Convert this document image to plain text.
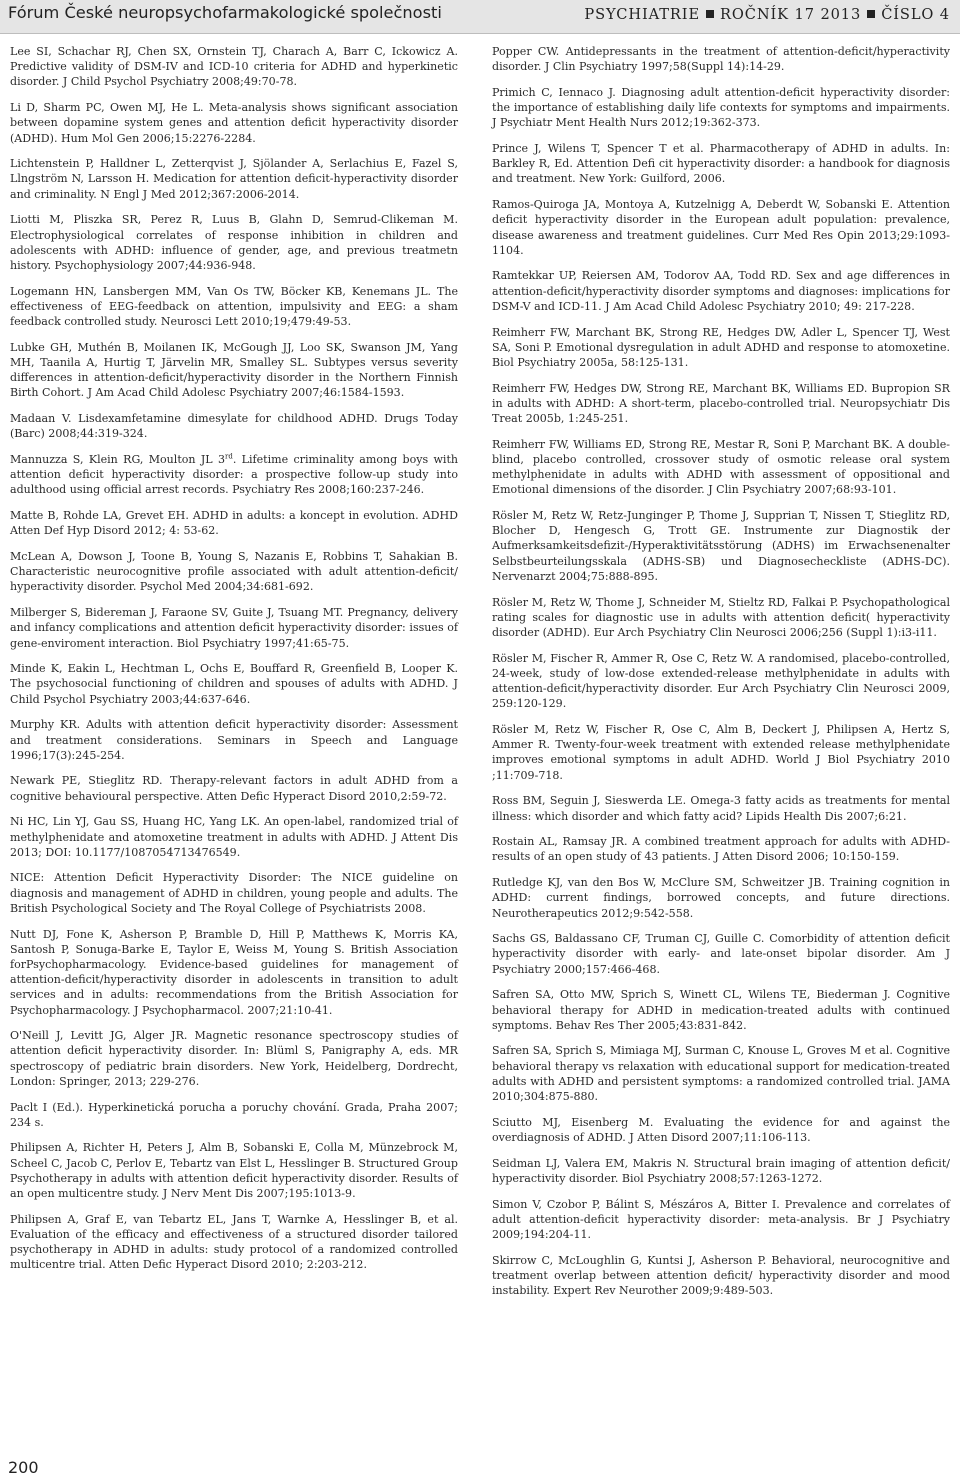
Fórum České neuropsychofarmakologické společnosti	PSYCHIATRIE ROČNÍK 17 2013 ČÍSLO 4

Lee SI, Schachar RJ, Chen SX, Ornstein TJ, Charach A, Barr C, Ickowicz A. Predictive validity of DSM-IV and ICD-10 criteria for ADHD and hyperkinetic disorder. J Child Psychol Psychiatry 2008;49:70-78.

Li D, Sharm PC, Owen MJ, He L. Meta-analysis shows significant association between dopamine system genes and attention deficit hyperactivity disorder (ADHD). Hum Mol Gen 2006;15:2276-2284.

Lichtenstein P, Halldner L, Zetterqvist J, Sjölander A, Serlachius E, Fazel S, Llngström N, Larsson H. Medication for attention deficit-hyperactivity disorder and criminality. N Engl J Med 2012;367:2006-2014.

Liotti M, Pliszka SR, Perez R, Luus B, Glahn D, Semrud-Clikeman M. Electrophysiological correlates of response inhibition in children and adolescents with ADHD: influence of gender, age, and previous treatmetn history. Psychophysiology 2007;44:936-948.

Logemann HN, Lansbergen MM, Van Os TW, Böcker KB, Kenemans JL. The effectiveness of EEG-feedback on attention, impulsivity and EEG: a sham feedback controlled study. Neurosci Lett 2010;19;479:49-53.

Lubke GH, Muthén B, Moilanen IK, McGough JJ, Loo SK, Swanson JM, Yang MH, Taanila A, Hurtig T, Järvelin MR, Smalley SL. Subtypes versus severity differences in attention-deficit/hyperactivity disorder in the Northern Finnish Birth Cohort. J Am Acad Child Adolesc Psychiatry 2007;46:1584-1593.

Madaan V. Lisdexamfetamine dimesylate for childhood ADHD. Drugs Today (Barc) 2008;44:319-324.

Mannuzza S, Klein RG, Moulton JL 3rd. Lifetime criminality among boys with attention deficit hyperactivity disorder: a prospective follow-up study into adulthood using official arrest records. Psychiatry Res 2008;160:237-246.

Matte B, Rohde LA, Grevet EH. ADHD in adults: a koncept in evolution. ADHD Atten Def Hyp Disord 2012; 4: 53-62.

McLean A, Dowson J, Toone B, Young S, Nazanis E, Robbins T, Sahakian B. Characteristic neurocognitive profile associated with adult attention-deficit/ hyperactivity disorder. Psychol Med 2004;34:681-692.

Milberger S, Bidereman J, Faraone SV, Guite J, Tsuang MT. Pregnancy, delivery and infancy complications and attention deficit hyperactivity disorder: issues of gene-enviroment interaction. Biol Psychiatry 1997;41:65-75.

Minde K, Eakin L, Hechtman L, Ochs E, Bouffard R, Greenfield B, Looper K. The psychosocial functioning of children and spouses of adults with ADHD. J Child Psychol Psychiatry 2003;44:637-646.

Murphy KR. Adults with attention deficit hyperactivity disorder: Assessment and treatment considerations. Seminars in Speech and Language 1996;17(3):245-254.

Newark PE, Stieglitz RD. Therapy-relevant factors in adult ADHD from a cognitive behavioural perspective. Atten Defic Hyperact Disord 2010,2:59-72.

Ni HC, Lin YJ, Gau SS, Huang HC, Yang LK. An open-label, randomized trial of methylphenidate and atomoxetine treatment in adults with ADHD. J Attent Dis 2013; DOI: 10.1177/1087054713476549.

NICE: Attention Deficit Hyperactivity Disorder: The NICE guideline on diagnosis and management of ADHD in children, young people and adults. The British Psychological Society and The Royal College of Psychiatrists 2008.

Nutt DJ, Fone K, Asherson P, Bramble D, Hill P, Matthews K, Morris KA, Santosh P, Sonuga-Barke E, Taylor E, Weiss M, Young S. British Association forPsychopharmacology. Evidence-based guidelines for management of attention-deficit/hyperactivity disorder in adolescents in transition to adult services and in adults: recommendations from the British Association for Psychopharmacology. J Psychopharmacol. 2007;21:10-41.

O'Neill J, Levitt JG, Alger JR. Magnetic resonance spectroscopy studies of attention deficit hyperactivity disorder. In: Blüml S, Panigraphy A, eds. MR spectroscopy of pediatric brain disorders. New York, Heidelberg, Dordrecht, London: Springer, 2013; 229-276.

Paclt I (Ed.). Hyperkinetická porucha a poruchy chování. Grada, Praha 2007; 234 s.

Philipsen A, Richter H, Peters J, Alm B, Sobanski E, Colla M, Münzebrock M, Scheel C, Jacob C, Perlov E, Tebartz van Elst L, Hesslinger B. Structured Group Psychotherapy in adults with attention deficit hyperactivity disorder. Results of an open multicentre study. J Nerv Ment Dis 2007;195:1013-9.

Philipsen A, Graf E, van Tebartz EL, Jans T, Warnke A, Hesslinger B, et al. Evaluation of the efficacy and effectiveness of a structured disorder tailored psychotherapy in ADHD in adults: study protocol of a randomized controlled multicentre trial. Atten Defic Hyperact Disord 2010; 2:203-212.

Popper CW. Antidepressants in the treatment of attention-deficit/hyperactivity disorder. J Clin Psychiatry 1997;58(Suppl 14):14-29.

Primich C, Iennaco J. Diagnosing adult attention-deficit hyperactivity disorder: the importance of establishing daily life contexts for symptoms and impairments. J Psychiatr Ment Health Nurs 2012;19:362-373.

Prince J, Wilens T, Spencer T et al. Pharmacotherapy of ADHD in adults. In: Barkley R, Ed. Attention Defi cit hyperactivity disorder: a handbook for diagnosis and treatment. New York: Guilford, 2006.

Ramos-Quiroga JA, Montoya A, Kutzelnigg A, Deberdt W, Sobanski E. Attention deficit hyperactivity disorder in the European adult population: prevalence, disease awareness and treatment guidelines. Curr Med Res Opin 2013;29:1093-1104.

Ramtekkar UP, Reiersen AM, Todorov AA, Todd RD. Sex and age differences in attention-deficit/hyperactivity disorder symptoms and diagnoses: implications for DSM-V and ICD-11. J Am Acad Child Adolesc Psychiatry 2010; 49: 217-228.

Reimherr FW, Marchant BK, Strong RE, Hedges DW, Adler L, Spencer TJ, West SA, Soni P. Emotional dysregulation in adult ADHD and response to atomoxetine. Biol Psychiatry 2005a, 58:125-131.

Reimherr FW, Hedges DW, Strong RE, Marchant BK, Williams ED. Bupropion SR in adults with ADHD: A short-term, placebo-controlled trial. Neuropsychiatr Dis Treat 2005b, 1:245-251.

Reimherr FW, Williams ED, Strong RE, Mestar R, Soni P, Marchant BK. A double-blind, placebo controlled, crossover study of osmotic release oral system methylphenidate in adults with ADHD with assessment of oppositional and Emotional dimensions of the disorder. J Clin Psychiatry 2007;68:93-101.

Rösler M, Retz W, Retz-Junginger P, Thome J, Supprian T, Nissen T, Stieglitz RD, Blocher D, Hengesch G, Trott GE. Instrumente zur Diagnostik der Aufmerksamkeitsdefizit-/Hyperaktivitätsstörung (ADHS) im Erwachsenenalter Selbstbeurteilungsskala (ADHS-SB) und Diagnosecheckliste (ADHS-DC). Nervenarzt 2004;75:888-895.

Rösler M, Retz W, Thome J, Schneider M, Stieltz RD, Falkai P. Psychopathological rating scales for diagnostic use in adults with attention deficit( hyperactivity disorder (ADHD). Eur Arch Psychiatry Clin Neurosci 2006;256 (Suppl 1):i3-i11.

Rösler M, Fischer R, Ammer R, Ose C, Retz W. A randomised, placebo-controlled, 24-week, study of low-dose extended-release methylphenidate in adults with attention-deficit/hyperactivity disorder. Eur Arch Psychiatry Clin Neurosci 2009, 259:120-129.

Rösler M, Retz W, Fischer R, Ose C, Alm B, Deckert J, Philipsen A, Hertz S, Ammer R. Twenty-four-week treatment with extended release methylphenidate improves emotional symptoms in adult ADHD. World J Biol Psychiatry 2010 ;11:709-718.

Ross BM, Seguin J, Sieswerda LE. Omega-3 fatty acids as treatments for mental illness: which disorder and which fatty acid? Lipids Health Dis 2007;6:21.

Rostain AL, Ramsay JR. A combined treatment approach for adults with ADHD-results of an open study of 43 patients. J Atten Disord 2006; 10:150-159.

Rutledge KJ, van den Bos W, McClure SM, Schweitzer JB. Training cognition in ADHD: current findings, borrowed concepts, and future directions. Neurotherapeutics 2012;9:542-558.

Sachs GS, Baldassano CF, Truman CJ, Guille C. Comorbidity of attention deficit hyperactivity disorder with early- and late-onset bipolar disorder. Am J Psychiatry 2000;157:466-468.

Safren SA, Otto MW, Sprich S, Winett CL, Wilens TE, Biederman J. Cognitive behavioral therapy for ADHD in medication-treated adults with continued symptoms. Behav Res Ther 2005;43:831-842.

Safren SA, Sprich S, Mimiaga MJ, Surman C, Knouse L, Groves M et al. Cognitive behavioral therapy vs relaxation with educational support for medication-treated adults with ADHD and persistent symptoms: a randomized controlled trial. JAMA 2010;304:875-880.

Sciutto MJ, Eisenberg M. Evaluating the evidence for and against the overdiagnosis of ADHD. J Atten Disord 2007;11:106-113.

Seidman LJ, Valera EM, Makris N. Structural brain imaging of attention deficit/ hyperactivity disorder. Biol Psychiatry 2008;57:1263-1272.

Simon V, Czobor P, Bálint S, Mészáros A, Bitter I. Prevalence and correlates of adult attention-deficit hyperactivity disorder: meta-analysis. Br J Psychiatry 2009;194:204-11.

Skirrow C, McLoughlin G, Kuntsi J, Asherson P. Behavioral, neurocognitive and treatment overlap between attention deficit/ hyperactivity disorder and mood instability. Expert Rev Neurother 2009;9:489-503.

200
